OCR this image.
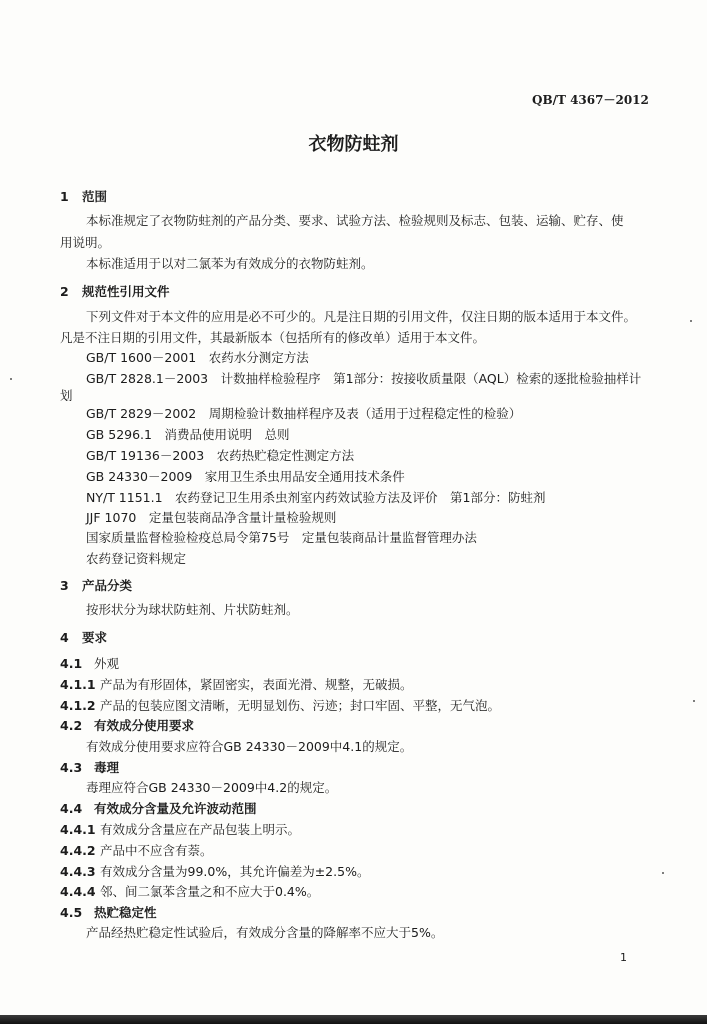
QB/T 4367－2012
衣物防蛀剂
1 范围
本标准规定了衣物防蛀剂的产品分类、要求、试验方法、检验规则及标志、包装、运输、贮存、使
用说明。
本标准适用于以对二氯苯为有效成分的衣物防蛀剂。
2 规范性引用文件
下列文件对于本文件的应用是必不可少的。凡是注日期的引用文件，仅注日期的版本适用于本文件。
凡是不注日期的引用文件，其最新版本（包括所有的修改单）适用于本文件。
GB/T 1600－2001　农药水分测定方法
GB/T 2828.1－2003　计数抽样检验程序　第1部分：按接收质量限（AQL）检索的逐批检验抽样计
划
GB/T 2829－2002　周期检验计数抽样程序及表（适用于过程稳定性的检验）
GB 5296.1　消费品使用说明　总则
GB/T 19136－2003　农药热贮稳定性测定方法
GB 24330－2009　家用卫生杀虫用品安全通用技术条件
NY/T 1151.1　农药登记卫生用杀虫剂室内药效试验方法及评价　第1部分：防蛀剂
JJF 1070　定量包装商品净含量计量检验规则
国家质量监督检验检疫总局令第75号　定量包装商品计量监督管理办法
农药登记资料规定
3 产品分类
按形状分为球状防蛀剂、片状防蛀剂。
4 要求
4.1 外观
4.1.1 产品为有形固体，紧固密实，表面光滑、规整，无破损。
4.1.2 产品的包装应图文清晰，无明显划伤、污迹；封口牢固、平整，无气泡。
4.2 有效成分使用要求
有效成分使用要求应符合GB 24330－2009中4.1的规定。
4.3 毒理
毒理应符合GB 24330－2009中4.2的规定。
4.4 有效成分含量及允许波动范围
4.4.1 有效成分含量应在产品包装上明示。
4.4.2 产品中不应含有萘。
4.4.3 有效成分含量为99.0%，其允许偏差为±2.5%。
4.4.4 邻、间二氯苯含量之和不应大于0.4%。
4.5 热贮稳定性
产品经热贮稳定性试验后，有效成分含量的降解率不应大于5%。
1
